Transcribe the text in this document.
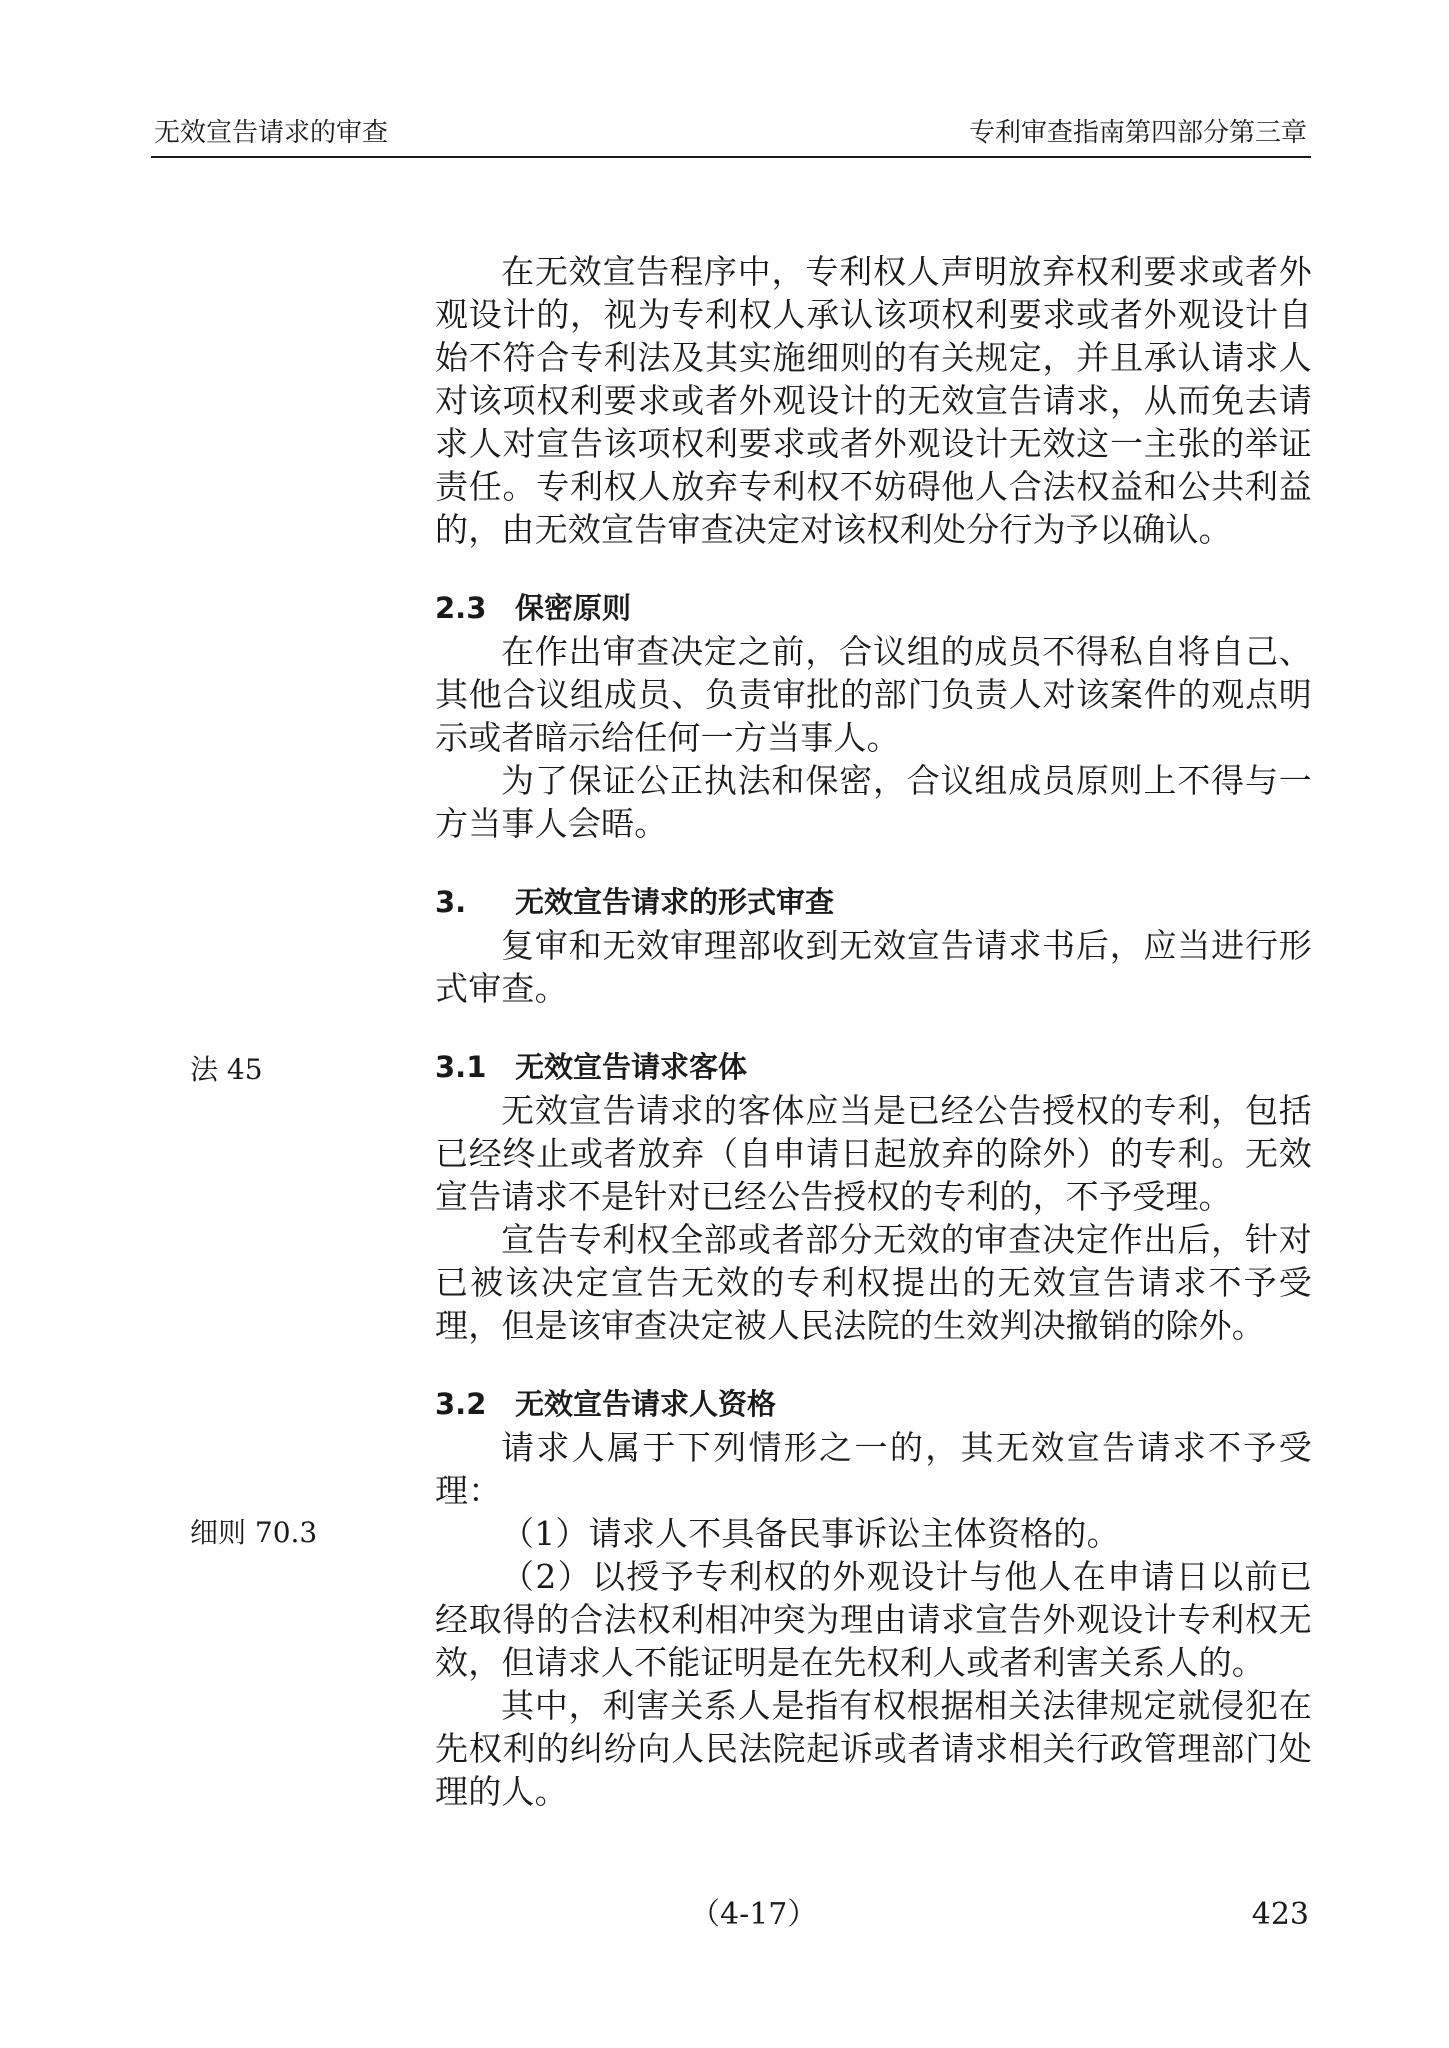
无效宣告请求的审查	专利审查指南第四部分第三章
法 45
细则 70.3

在无效宣告程序中，专利权人声明放弃权利要求或者外观设计的，视为专利权人承认该项权利要求或者外观设计自始不符合专利法及其实施细则的有关规定，并且承认请求人对该项权利要求或者外观设计的无效宣告请求，从而免去请求人对宣告该项权利要求或者外观设计无效这一主张的举证责任。专利权人放弃专利权不妨碍他人合法权益和公共利益的，由无效宣告审查决定对该权利处分行为予以确认。

2.3 保密原则

在作出审查决定之前，合议组的成员不得私自将自己、其他合议组成员、负责审批的部门负责人对该案件的观点明示或者暗示给任何一方当事人。

为了保证公正执法和保密，合议组成员原则上不得与一方当事人会晤。

3. 无效宣告请求的形式审查

复审和无效审理部收到无效宣告请求书后，应当进行形式审查。

3.1 无效宣告请求客体

无效宣告请求的客体应当是已经公告授权的专利，包括已经终止或者放弃（自申请日起放弃的除外）的专利。无效宣告请求不是针对已经公告授权的专利的，不予受理。

宣告专利权全部或者部分无效的审查决定作出后，针对已被该决定宣告无效的专利权提出的无效宣告请求不予受理，但是该审查决定被人民法院的生效判决撤销的除外。

3.2 无效宣告请求人资格

请求人属于下列情形之一的，其无效宣告请求不予受理：

（1）请求人不具备民事诉讼主体资格的。

（2）以授予专利权的外观设计与他人在申请日以前已经取得的合法权利相冲突为理由请求宣告外观设计专利权无效，但请求人不能证明是在先权利人或者利害关系人的。

其中，利害关系人是指有权根据相关法律规定就侵犯在先权利的纠纷向人民法院起诉或者请求相关行政管理部门处理的人。

（4-17）	423
